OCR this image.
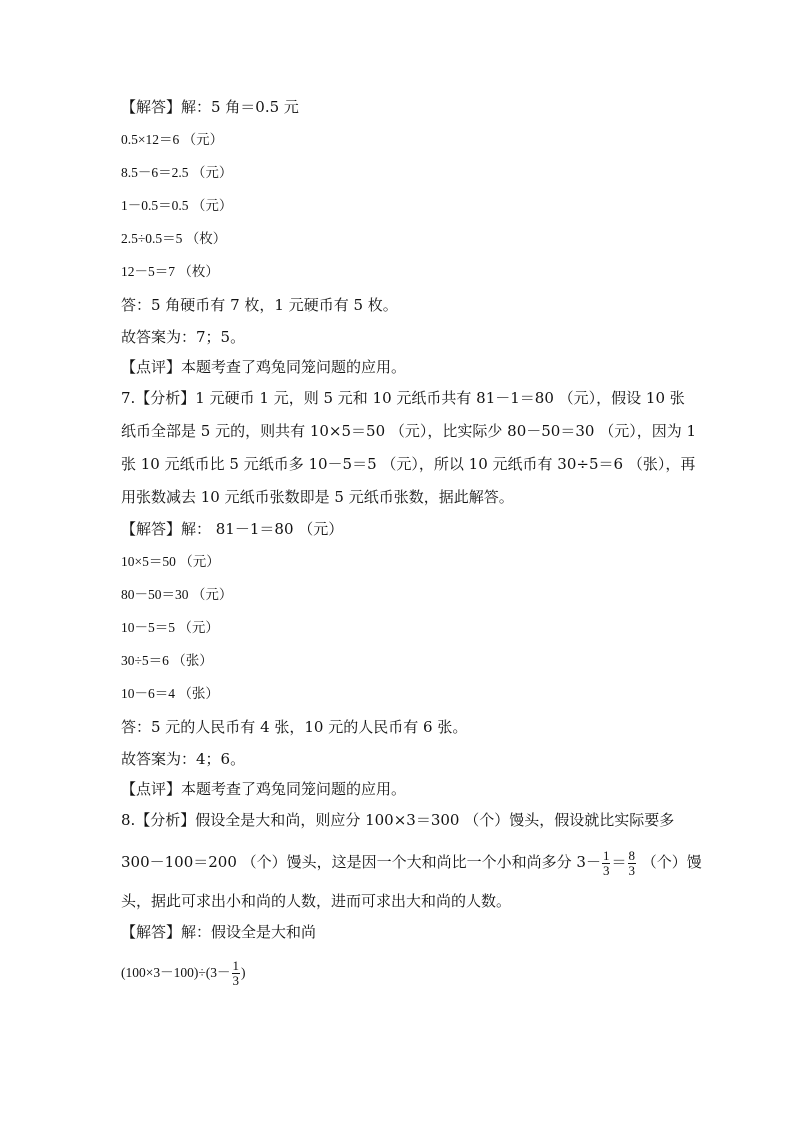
【解答】解：5 角＝0.5 元
0.5×12＝6 （元）
8.5－6＝2.5 （元）
1－0.5＝0.5 （元）
2.5÷0.5＝5 （枚）
12－5＝7 （枚）
答：5 角硬币有 7 枚，1 元硬币有 5 枚。
故答案为：7；5。
【点评】本题考查了鸡兔同笼问题的应用。
7.【分析】1 元硬币 1 元，则 5 元和 10 元纸币共有 81－1＝80 （元），假设 10 张
纸币全部是 5 元的，则共有 10×5＝50 （元），比实际少 80－50＝30 （元），因为 1
张 10 元纸币比 5 元纸币多 10－5＝5 （元），所以 10 元纸币有 30÷5＝6 （张），再
用张数减去 10 元纸币张数即是 5 元纸币张数，据此解答。
【解答】解： 81－1＝80 （元）
10×5＝50 （元）
80－50＝30 （元）
10－5＝5 （元）
30÷5＝6 （张）
10－6＝4 （张）
答：5 元的人民币有 4 张，10 元的人民币有 6 张。
故答案为：4；6。
【点评】本题考查了鸡兔同笼问题的应用。
8.【分析】假设全是大和尚，则应分 100×3＝300 （个）馒头，假设就比实际要多
300－100＝200 （个）馒头，这是因一个大和尚比一个小和尚多分 $3- \frac{1}{3} = \frac{8}{3}$ （个）馒
头，据此可求出小和尚的人数，进而可求出大和尚的人数。
【解答】解：假设全是大和尚
$(100\times 3-100)\div(3- \frac{1}{3}$ )
